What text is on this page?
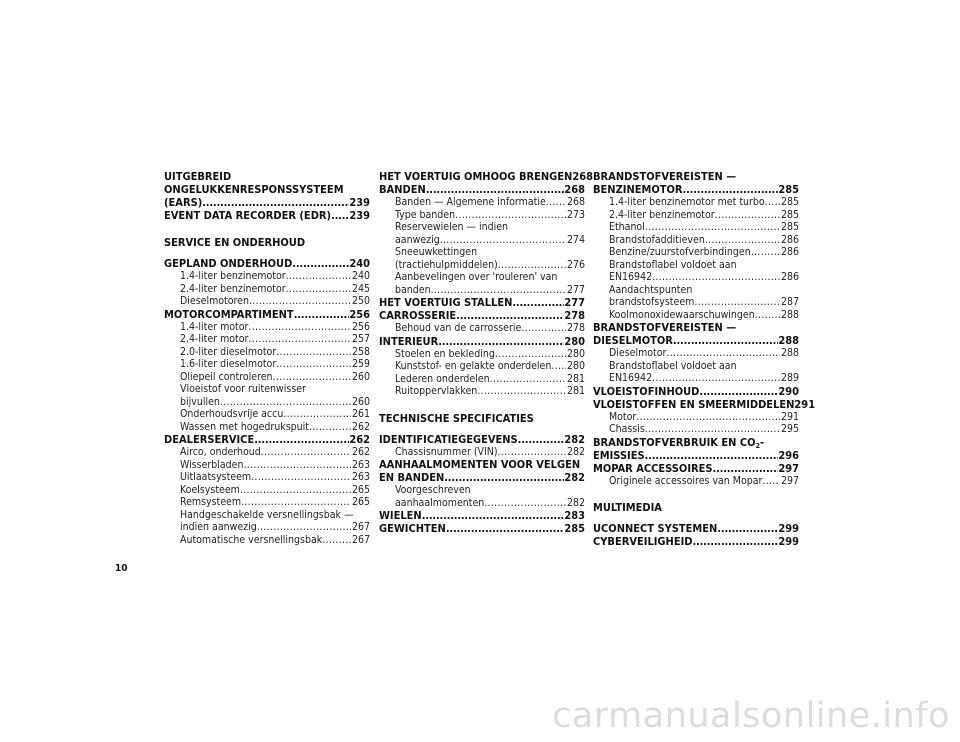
UITGEBREID
ONGELUKKENRESPONSSYSTEEM
(EARS) .....	239
EVENT DATA RECORDER (EDR) ..... 239
SERVICE EN ONDERHOUD
GEPLAND ONDERHOUD .....	240
1.4-liter benzinemotor .....	240
2.4-liter benzinemotor .....	245
Dieselmotoren .....	250
MOTORCOMPARTIMENT .....	256
1.4-liter motor .....	256
2.4-liter motor .....	257
2.0-liter dieselmotor .....	258
1.6-liter dieselmotor .....	259
Oliepeil controleren .....	260
Vloeistof voor ruitenwisser
bijvullen .....	260
Onderhoudsvrije accu .....	261
Wassen met hogedrukspuit .....	262
DEALERSERVICE .....	262
Airco, onderhoud .....	262
Wisserbladen .....	263
Uitlaatsysteem .....	263
Koelsysteem .....	265
Remsysteem .....	265
Handgeschakelde versnellingsbak —
indien aanwezig .....	267
Automatische versnellingsbak .....	267
HET VOERTUIG OMHOOG BRENGEN 268
BANDEN .....	268
Banden — Algemene informatie ..... 268
Type banden .....	273
Reservewielen — indien
aanwezig .....	274
Sneeuwkettingen
(tractiehulpmiddelen) .....	276
Aanbevelingen over 'rouleren' van
banden .....	277
HET VOERTUIG STALLEN .....	277
CARROSSERIE .....	278
Behoud van de carrosserie .....	278
INTERIEUR .....	280
Stoelen en bekleding .....	280
Kunststof- en gelakte onderdelen ..... 280
Lederen onderdelen .....	281
Ruitoppervlakken .....	281
TECHNISCHE SPECIFICATIES
IDENTIFICATIEGEGEVENS .....	282
Chassisnummer (VIN) .....	282
AANHAALMOMENTEN VOOR VELGEN
EN BANDEN .....	282
Voorgeschreven
aanhaalmomenten .....	282
WIELEN .....	283
GEWICHTEN .....	285
BRANDSTOFVEREISTEN —
BENZINEMOTOR .....	285
1.4-liter benzinemotor met turbo ..... 285
2.4-liter benzinemotor .....	285
Ethanol .....	285
Brandstofadditieven .....	286
Benzine/zuurstofverbindingen .....	286
Brandstoflabel voldoet aan
EN16942 .....	286
Aandachtspunten
brandstofsysteem .....	287
Koolmonoxidewaarschuwingen .....	288
BRANDSTOFVEREISTEN —
DIESELMOTOR .....	288
Dieselmotor .....	288
Brandstoflabel voldoet aan
EN16942 .....	289
VLOEISTOFINHOUD .....	290
VLOEISTOFFEN EN SMEERMIDDELEN 291
Motor .....	291
Chassis .....	295
BRANDSTOFVERBRUIK EN $CO_2-$
EMISSIES .....	296
MOPAR ACCESSOIRES .....	297
Originele accessoires van Mopar ..... 297
MULTIMEDIA
UCONNECT SYSTEMEN .....	299
CYBERVEILIGHEID .....	299
10
carmanualsonline.info
